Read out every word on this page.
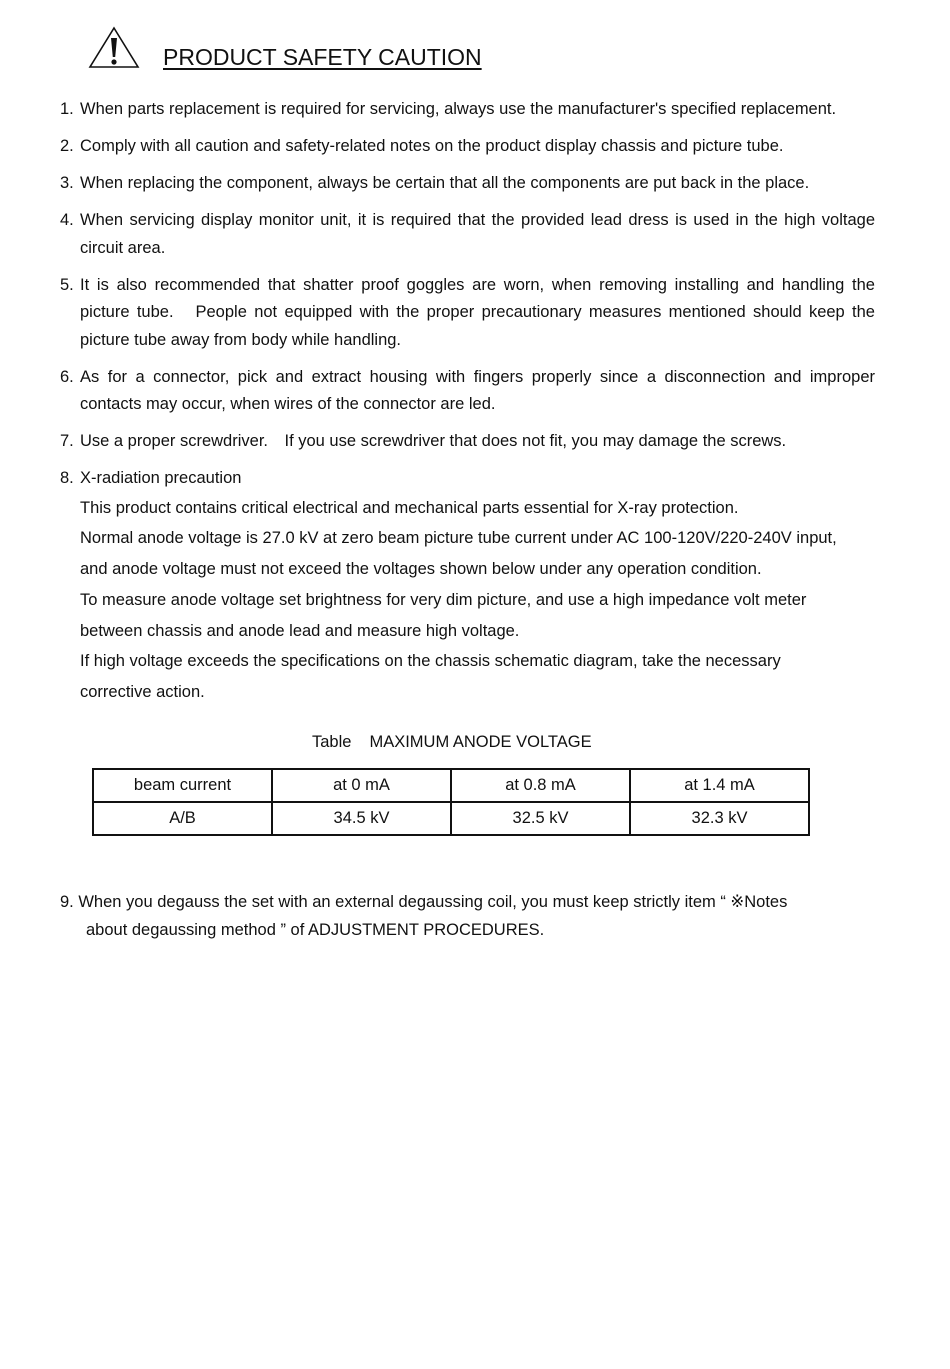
PRODUCT SAFETY CAUTION
1. When parts replacement is required for servicing, always use the manufacturer's specified replacement.
2. Comply with all caution and safety-related notes on the product display chassis and picture tube.
3. When replacing the component, always be certain that all the components are put back in the place.
4. When servicing display monitor unit, it is required that the provided lead dress is used in the high voltage circuit area.
5. It is also recommended that shatter proof goggles are worn, when removing installing and handling the picture tube.　People not equipped with the proper precautionary measures mentioned should keep the picture tube away from body while handling.
6. As for a connector, pick and extract housing with fingers properly since a disconnection and improper contacts may occur, when wires of the connector are led.
7. Use a proper screwdriver.　If you use screwdriver that does not fit, you may damage the screws.
8. X-radiation precaution
This product contains critical electrical and mechanical parts essential for X-ray protection.
Normal anode voltage is 27.0 kV at zero beam picture tube current under AC 100-120V/220-240V input,
and anode voltage must not exceed the voltages shown below under any operation condition.
To measure anode voltage set brightness for very dim picture, and use a high impedance volt meter
between chassis and anode lead and measure high voltage.
If high voltage exceeds the specifications on the chassis schematic diagram, take the necessary
corrective action.
Table MAXIMUM ANODE VOLTAGE
beam current	at 0 mA	at 0.8 mA	at 1.4 mA
A/B	34.5 kV	32.5 kV	32.3 kV
9. When you degauss the set with an external degaussing coil, you must keep strictly item “ ※Notes
about degaussing method ” of ADJUSTMENT PROCEDURES.
